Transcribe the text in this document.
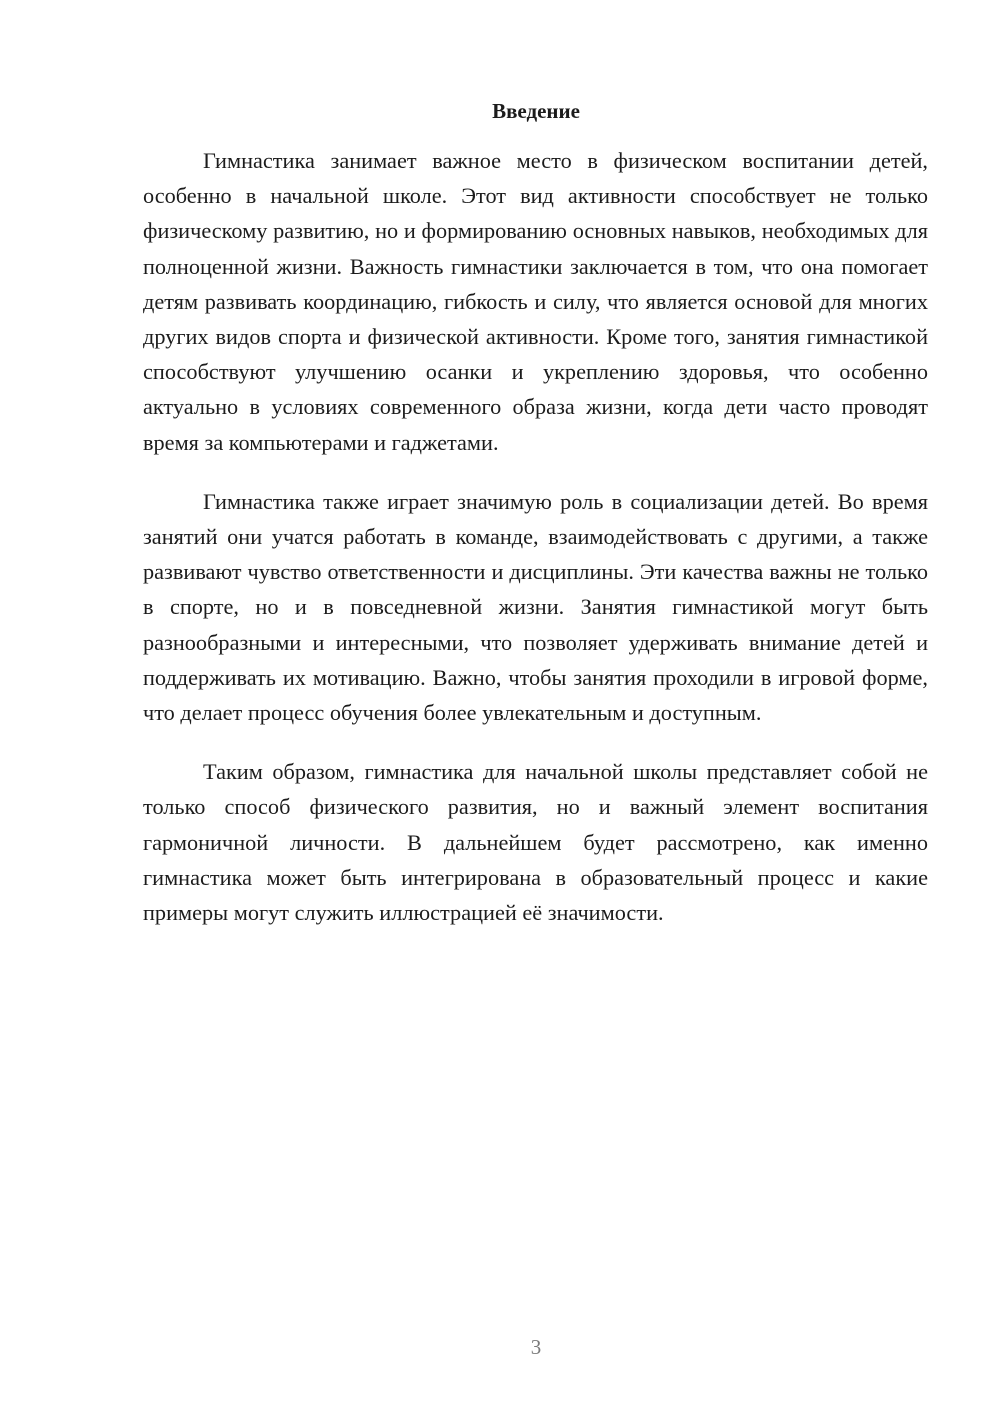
Введение

Гимнастика занимает важное место в физическом воспитании детей, особенно в начальной школе. Этот вид активности способствует не только физическому развитию, но и формированию основных навыков, необходимых для полноценной жизни. Важность гимнастики заключается в том, что она помогает детям развивать координацию, гибкость и силу, что является основой для многих других видов спорта и физической активности. Кроме того, занятия гимнастикой способствуют улучшению осанки и укреплению здоровья, что особенно актуально в условиях современного образа жизни, когда дети часто проводят время за компьютерами и гаджетами.

Гимнастика также играет значимую роль в социализации детей. Во время занятий они учатся работать в команде, взаимодействовать с другими, а также развивают чувство ответственности и дисциплины. Эти качества важны не только в спорте, но и в повседневной жизни. Занятия гимнастикой могут быть разнообразными и интересными, что позволяет удерживать внимание детей и поддерживать их мотивацию. Важно, чтобы занятия проходили в игровой форме, что делает процесс обучения более увлекательным и доступным.

Таким образом, гимнастика для начальной школы представляет собой не только способ физического развития, но и важный элемент воспитания гармоничной личности. В дальнейшем будет рассмотрено, как именно гимнастика может быть интегрирована в образовательный процесс и какие примеры могут служить иллюстрацией её значимости.

3
